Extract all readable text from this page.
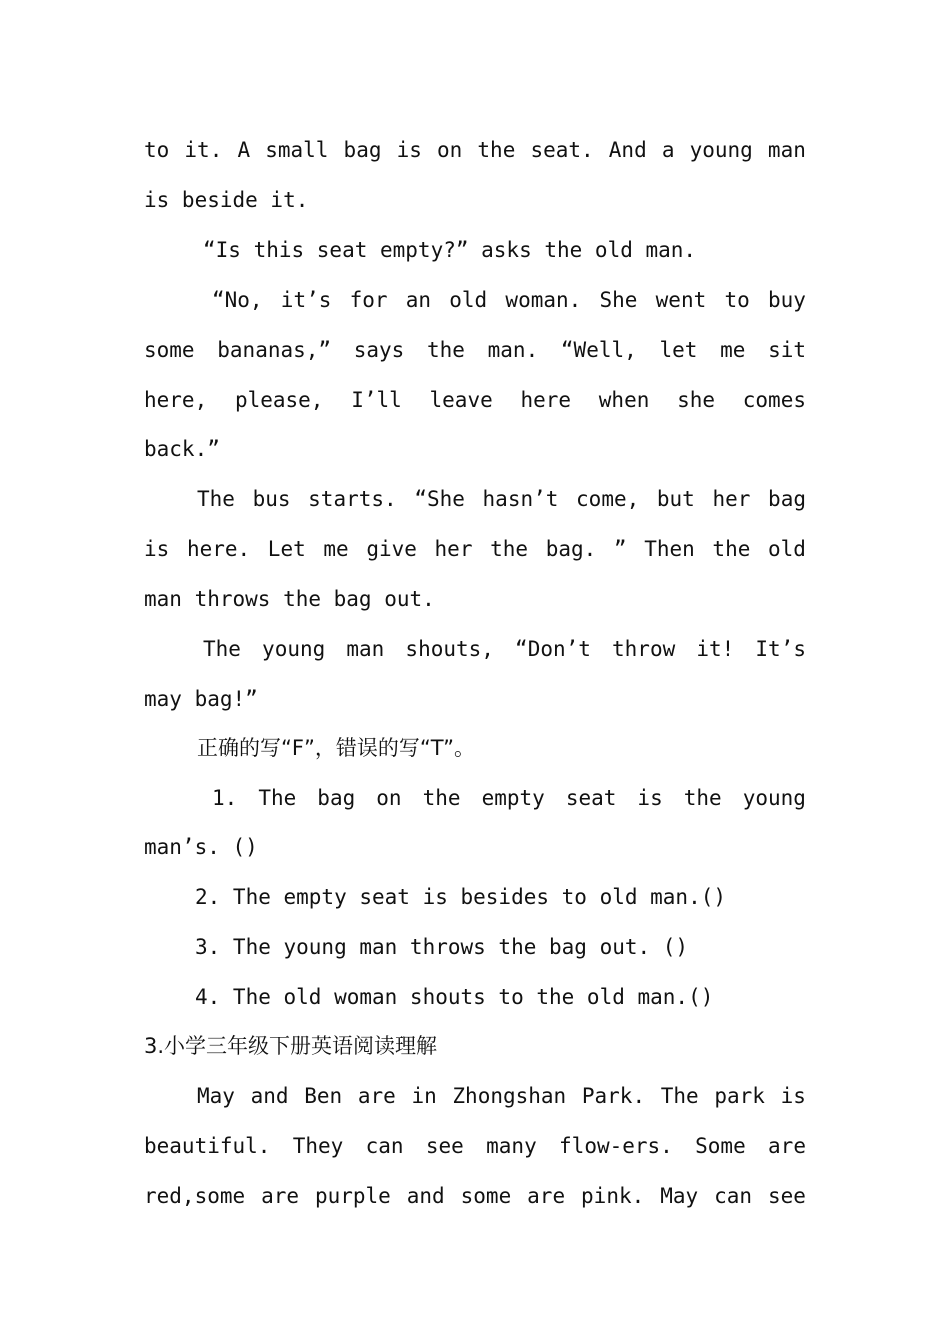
to it. A small bag is on the seat. And a young man
is beside it.
“Is this seat empty?” asks the old man.
“No, it’s for an old woman. She went to buy
some bananas,” says the man. “Well, let me sit
here, please, I’ll leave here when she comes
back.”
The bus starts. “She hasn’t come, but her bag
is here. Let me give her the bag. ” Then the old
man throws the bag out.
The young man shouts, “Don’t throw it! It’s
may bag!”
正确的写“F”，错误的写“T”。
1. The bag on the empty seat is the young
man’s. ()
2. The empty seat is besides to old man.()
3. The young man throws the bag out. ()
4. The old woman shouts to the old man.()
3.小学三年级下册英语阅读理解
May and Ben are in Zhongshan Park. The park is
beautiful. They can see many flow-ers. Some are
red,some are purple and some are pink. May can see
